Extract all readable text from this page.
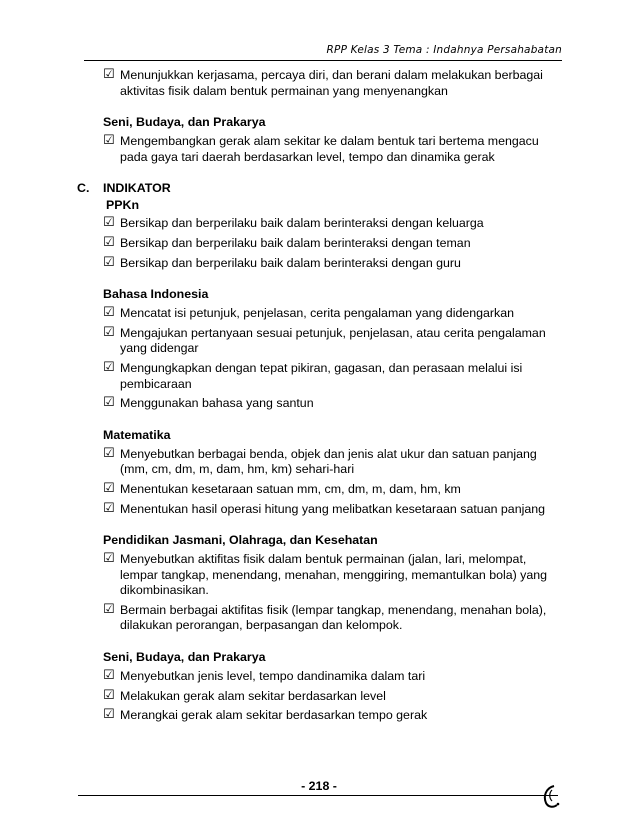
RPP Kelas 3 Tema : Indahnya Persahabatan
☑ Menunjukkan kerjasama, percaya diri, dan berani dalam melakukan berbagai aktivitas fisik dalam bentuk permainan yang menyenangkan
Seni, Budaya, dan Prakarya
☑ Mengembangkan gerak alam sekitar ke dalam bentuk tari bertema mengacu pada gaya tari daerah berdasarkan level, tempo dan dinamika gerak
C.	INDIKATOR
PPKn
☑ Bersikap dan berperilaku baik dalam berinteraksi dengan keluarga
☑ Bersikap dan berperilaku baik dalam berinteraksi dengan teman
☑ Bersikap dan berperilaku baik dalam berinteraksi dengan guru
Bahasa Indonesia
☑ Mencatat isi petunjuk, penjelasan, cerita pengalaman yang didengarkan
☑ Mengajukan pertanyaan sesuai petunjuk, penjelasan, atau cerita pengalaman yang didengar
☑ Mengungkapkan dengan tepat pikiran, gagasan, dan perasaan melalui isi pembicaraan
☑ Menggunakan bahasa yang santun
Matematika
☑ Menyebutkan berbagai benda, objek dan jenis alat ukur dan satuan panjang (mm, cm, dm, m, dam, hm, km) sehari-hari
☑ Menentukan kesetaraan satuan mm, cm, dm, m, dam, hm, km
☑ Menentukan hasil operasi hitung yang melibatkan kesetaraan satuan panjang
Pendidikan Jasmani, Olahraga, dan Kesehatan
☑ Menyebutkan aktifitas fisik dalam bentuk permainan (jalan, lari, melompat, lempar tangkap, menendang, menahan, menggiring, memantulkan bola) yang dikombinasikan.
☑ Bermain berbagai aktifitas fisik (lempar tangkap, menendang, menahan bola), dilakukan perorangan, berpasangan dan kelompok.
Seni, Budaya, dan Prakarya
☑ Menyebutkan jenis level, tempo dandinamika dalam tari
☑ Melakukan gerak alam sekitar berdasarkan level
☑ Merangkai gerak alam sekitar berdasarkan tempo gerak
- 218 -
